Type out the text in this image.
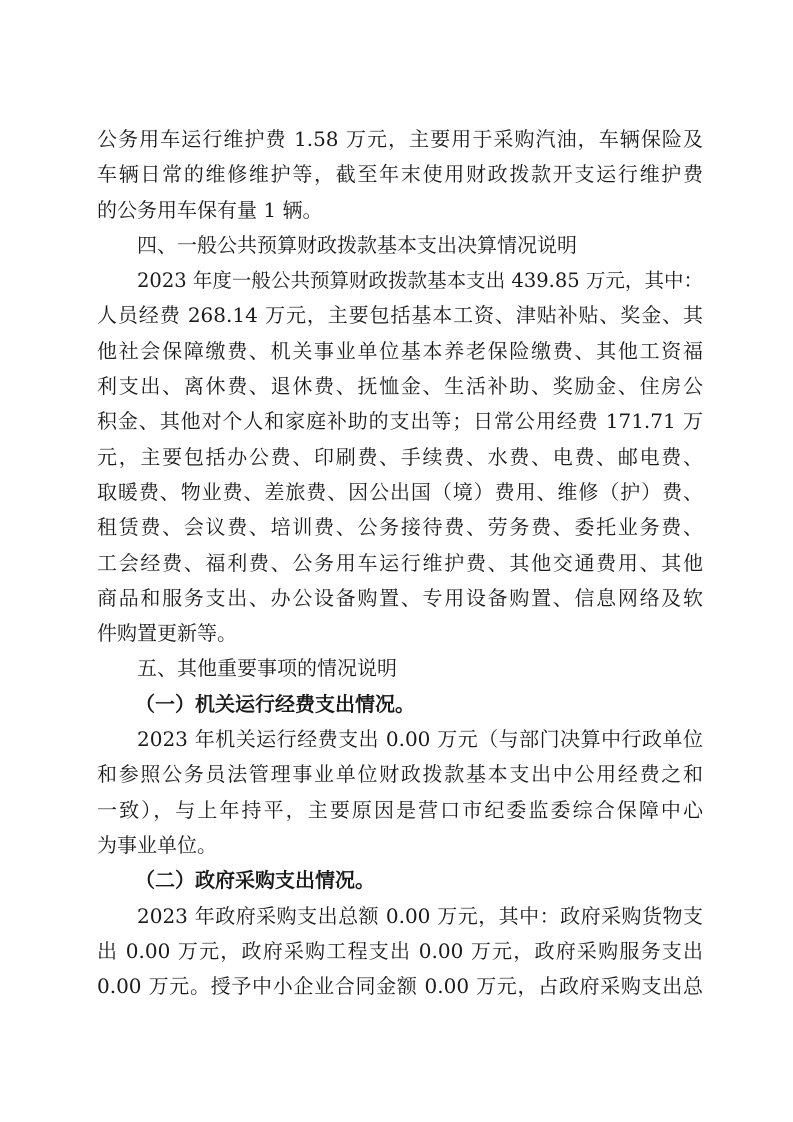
公务用车运行维护费 1.58 万元，主要用于采购汽油，车辆保险及
车辆日常的维修维护等，截至年末使用财政拨款开支运行维护费
的公务用车保有量 1 辆。
四、一般公共预算财政拨款基本支出决算情况说明
2023 年度一般公共预算财政拨款基本支出 439.85 万元，其中：
人员经费 268.14 万元，主要包括基本工资、津贴补贴、奖金、其
他社会保障缴费、机关事业单位基本养老保险缴费、其他工资福
利支出、离休费、退休费、抚恤金、生活补助、奖励金、住房公
积金、其他对个人和家庭补助的支出等；日常公用经费 171.71 万
元，主要包括办公费、印刷费、手续费、水费、电费、邮电费、
取暖费、物业费、差旅费、因公出国（境）费用、维修（护）费、
租赁费、会议费、培训费、公务接待费、劳务费、委托业务费、
工会经费、福利费、公务用车运行维护费、其他交通费用、其他
商品和服务支出、办公设备购置、专用设备购置、信息网络及软
件购置更新等。
五、其他重要事项的情况说明
（一）机关运行经费支出情况。
2023 年机关运行经费支出 0.00 万元（与部门决算中行政单位
和参照公务员法管理事业单位财政拨款基本支出中公用经费之和
一致），与上年持平，主要原因是营口市纪委监委综合保障中心
为事业单位。
（二）政府采购支出情况。
2023 年政府采购支出总额 0.00 万元，其中：政府采购货物支
出 0.00 万元，政府采购工程支出 0.00 万元，政府采购服务支出
0.00 万元。授予中小企业合同金额 0.00 万元，占政府采购支出总
